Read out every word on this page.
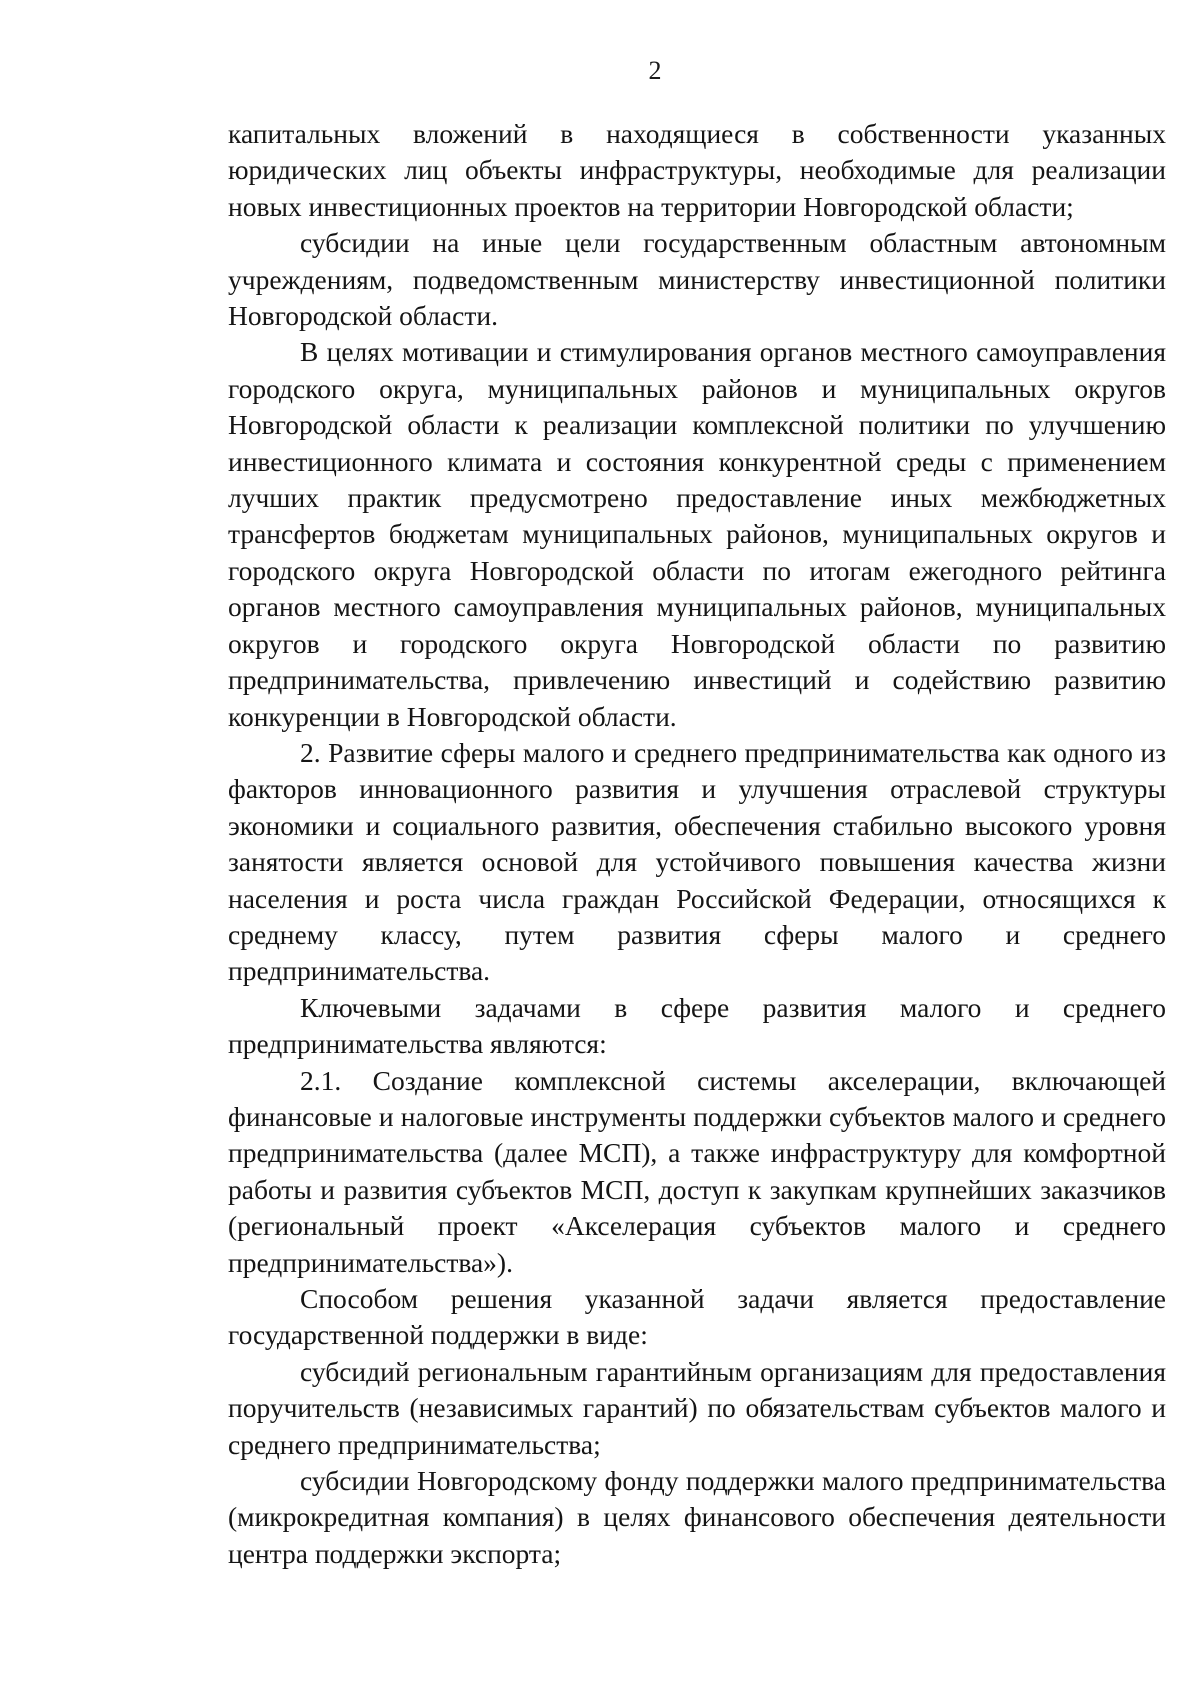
2

капитальных вложений в находящиеся в собственности указанных юридических лиц объекты инфраструктуры, необходимые для реализации новых инвестиционных проектов на территории Новгородской области;

субсидии на иные цели государственным областным автономным учреждениям, подведомственным министерству инвестиционной политики Новгородской области.

В целях мотивации и стимулирования органов местного самоуправления городского округа, муниципальных районов и муниципальных округов Новгородской области к реализации комплексной политики по улучшению инвестиционного климата и состояния конкурентной среды с применением лучших практик предусмотрено предоставление иных межбюджетных трансфертов бюджетам муниципальных районов, муниципальных округов и городского округа Новгородской области по итогам ежегодного рейтинга органов местного самоуправления муниципальных районов, муниципальных округов и городского округа Новгородской области по развитию предпринимательства, привлечению инвестиций и содействию развитию конкуренции в Новгородской области.

2. Развитие сферы малого и среднего предпринимательства как одного из факторов инновационного развития и улучшения отраслевой структуры экономики и социального развития, обеспечения стабильно высокого уровня занятости является основой для устойчивого повышения качества жизни населения и роста числа граждан Российской Федерации, относящихся к среднему классу, путем развития сферы малого и среднего предпринимательства.

Ключевыми задачами в сфере развития малого и среднего предпринимательства являются:

2.1. Создание комплексной системы акселерации, включающей финансовые и налоговые инструменты поддержки субъектов малого и среднего предпринимательства (далее МСП), а также инфраструктуру для комфортной работы и развития субъектов МСП, доступ к закупкам крупнейших заказчиков (региональный проект «Акселерация субъектов малого и среднего предпринимательства»).

Способом решения указанной задачи является предоставление государственной поддержки в виде:

субсидий региональным гарантийным организациям для предоставления поручительств (независимых гарантий) по обязательствам субъектов малого и среднего предпринимательства;

субсидии Новгородскому фонду поддержки малого предпринимательства (микрокредитная компания) в целях финансового обеспечения деятельности центра поддержки экспорта;
